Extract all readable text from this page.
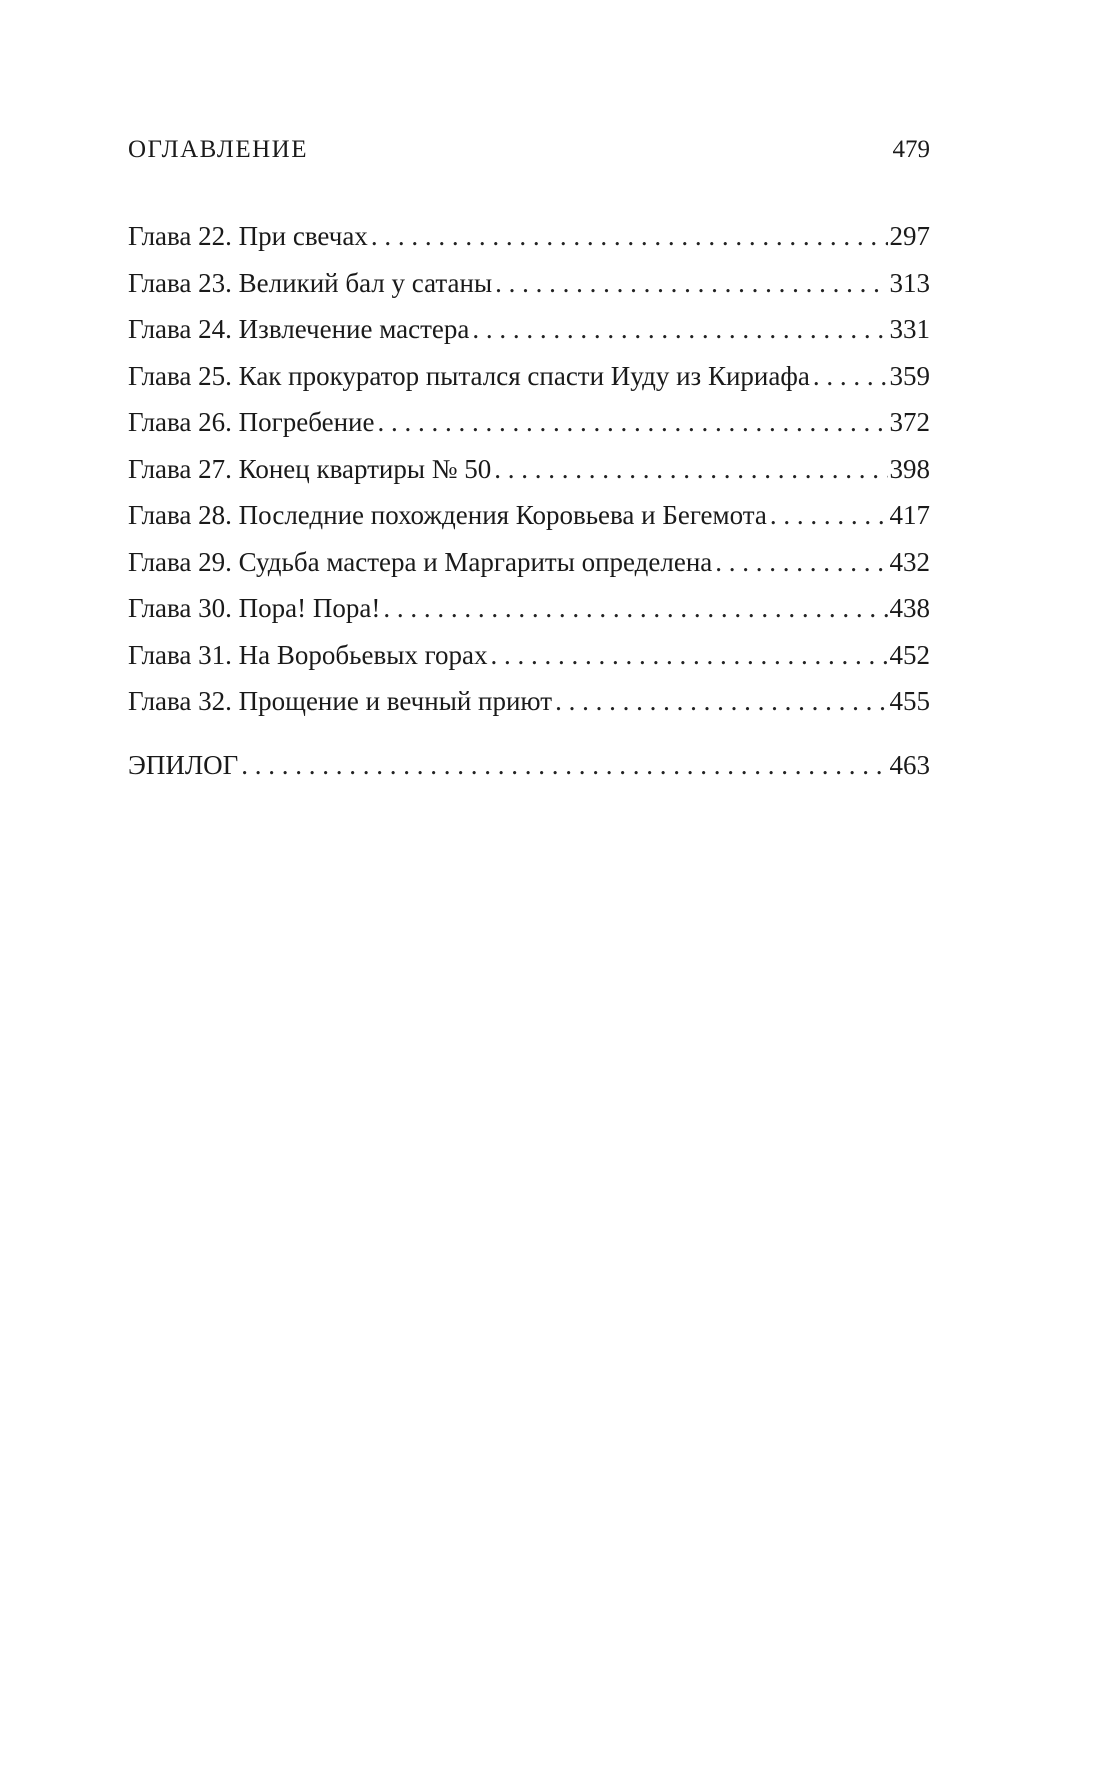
ОГЛАВЛЕНИЕ	479
Глава 22. При свечах . . .	297
Глава 23. Великий бал у сатаны . . .	313
Глава 24. Извлечение мастера . . .	331
Глава 25. Как прокуратор пытался спасти Иуду из Кириафа . . .	359
Глава 26. Погребение . . .	372
Глава 27. Конец квартиры № 50 . . .	398
Глава 28. Последние похождения Коровьева и Бегемота . . .	417
Глава 29. Судьба мастера и Маргариты определена . . .	432
Глава 30. Пора! Пора! . . .	438
Глава 31. На Воробьевых горах . . .	452
Глава 32. Прощение и вечный приют . . .	455
ЭПИЛОГ . . .	463
